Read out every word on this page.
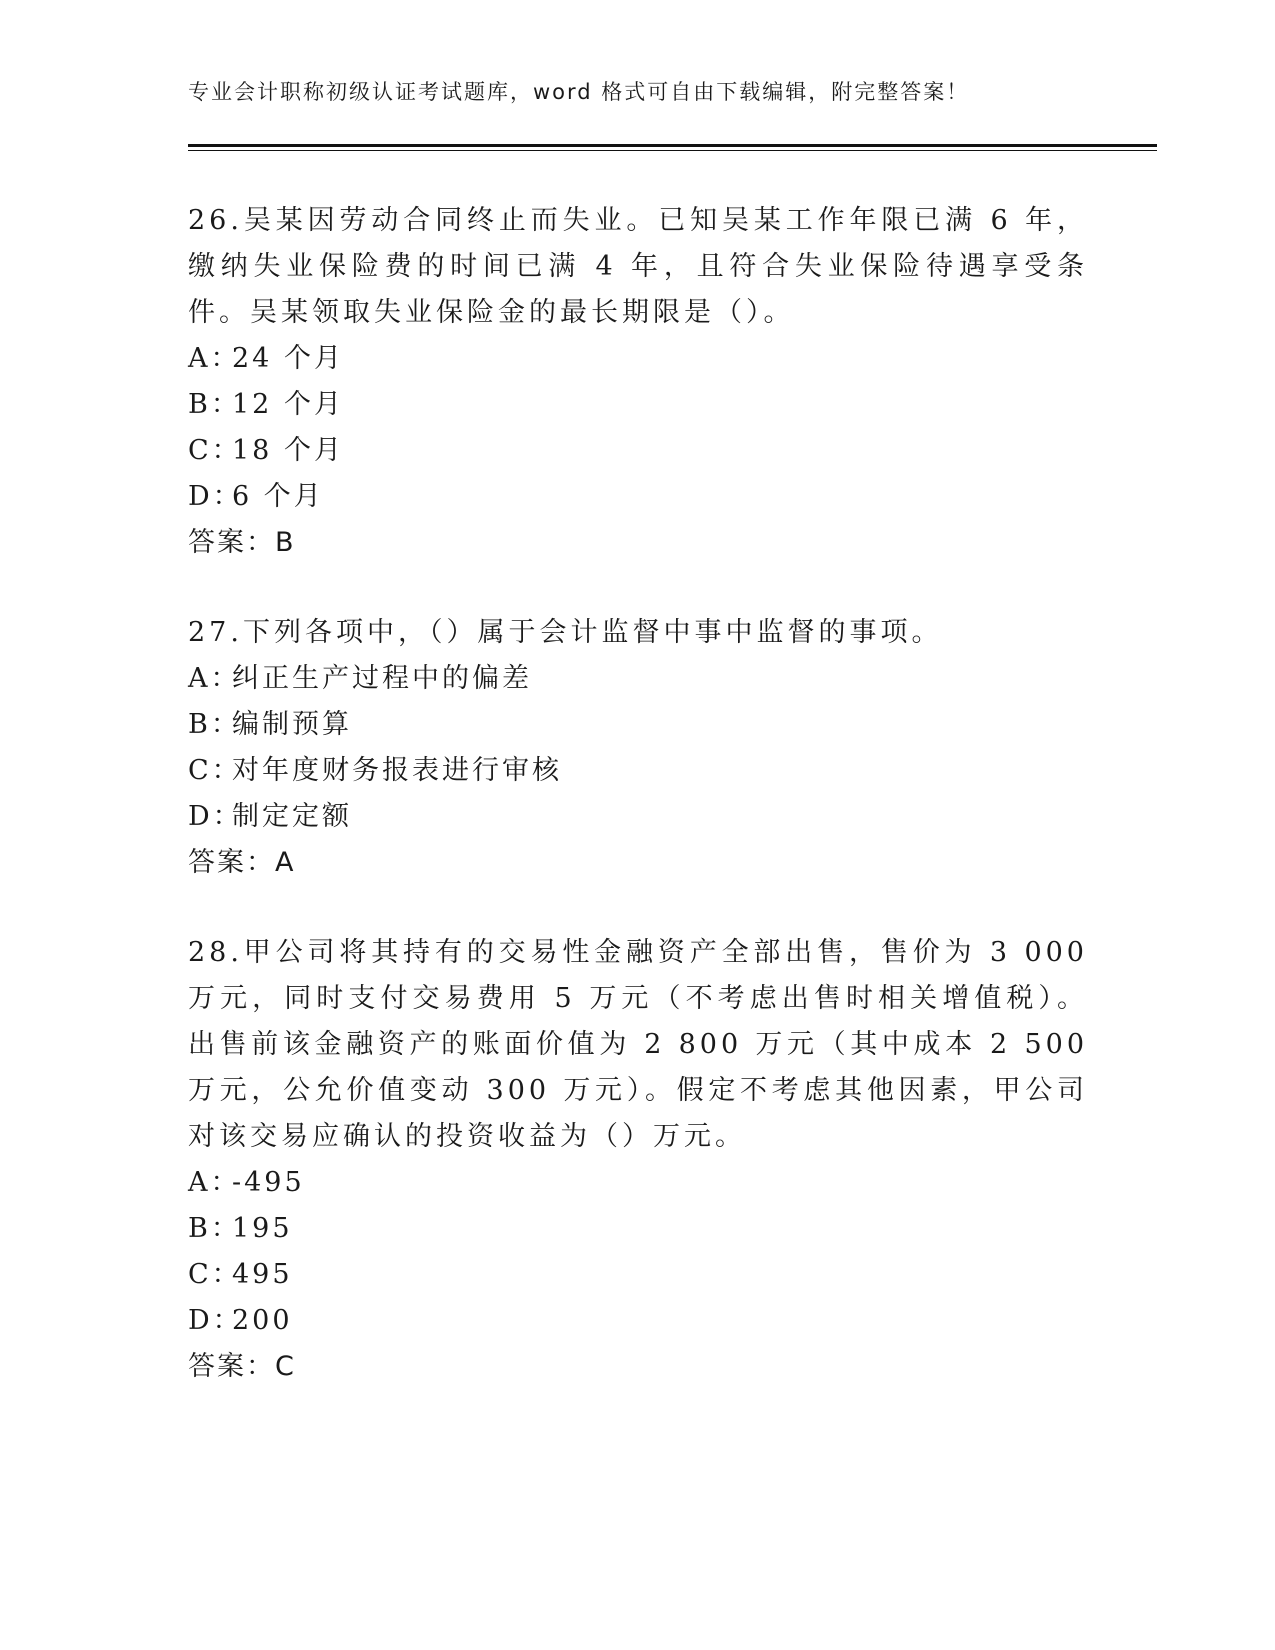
专业会计职称初级认证考试题库，word 格式可自由下载编辑，附完整答案！

26.吴某因劳动合同终止而失业。已知吴某工作年限已满 6 年，缴纳失业保险费的时间已满 4 年，且符合失业保险待遇享受条件。吴某领取失业保险金的最长期限是（）。

A：24 个月

B：12 个月

C：18 个月

D：6 个月

答案：B

27.下列各项中，（）属于会计监督中事中监督的事项。

A：纠正生产过程中的偏差

B：编制预算

C：对年度财务报表进行审核

D：制定定额

答案：A

28.甲公司将其持有的交易性金融资产全部出售，售价为 3 000 万元，同时支付交易费用 5 万元（不考虑出售时相关增值税）。出售前该金融资产的账面价值为 2 800 万元（其中成本 2 500 万元，公允价值变动 300 万元）。假定不考虑其他因素，甲公司对该交易应确认的投资收益为（）万元。

A：-495

B：195

C：495

D：200

答案：C
